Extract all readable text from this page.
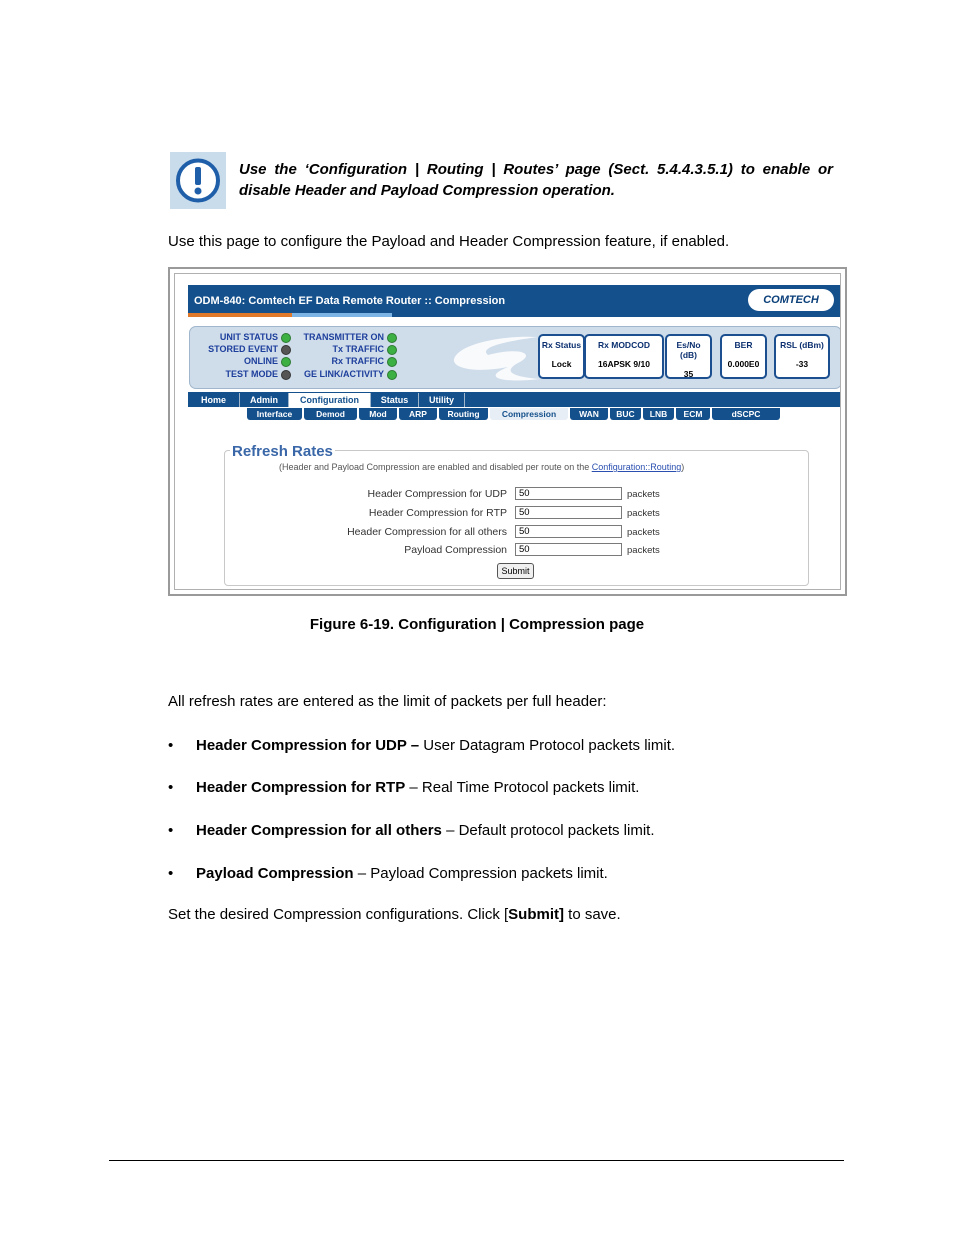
Use the ‘Configuration | Routing | Routes’ page (Sect. 5.4.4.3.5.1) to enable or disable Header and Payload Compression operation.
Use this page to configure the Payload and Header Compression feature, if enabled.
ODM-840: Comtech EF Data Remote Router :: Compression	COMTECH
UNIT STATUS
STORED EVENT
ONLINE
TEST MODE
TRANSMITTER ON
Tx TRAFFIC
Rx TRAFFIC
GE LINK/ACTIVITY
Rx Status
Lock
Rx MODCOD
16APSK 9/10
Es/No (dB)
35
BER
0.000E0
RSL (dBm)
-33
Home	Admin	Configuration	Status	Utility
Interface	Demod	Mod	ARP	Routing	Compression	WAN	BUC	LNB	ECM	dSCPC
Refresh Rates
(Header and Payload Compression are enabled and disabled per route on the Configuration::Routing)
Header Compression for UDP	50	packets
Header Compression for RTP	50	packets
Header Compression for all others	50	packets
Payload Compression	50	packets
Submit
Figure 6-19. Configuration | Compression page
All refresh rates are entered as the limit of packets per full header:
•	Header Compression for UDP – User Datagram Protocol packets limit.
•	Header Compression for RTP – Real Time Protocol packets limit.
•	Header Compression for all others – Default protocol packets limit.
•	Payload Compression – Payload Compression packets limit.
Set the desired Compression configurations. Click [Submit] to save.
